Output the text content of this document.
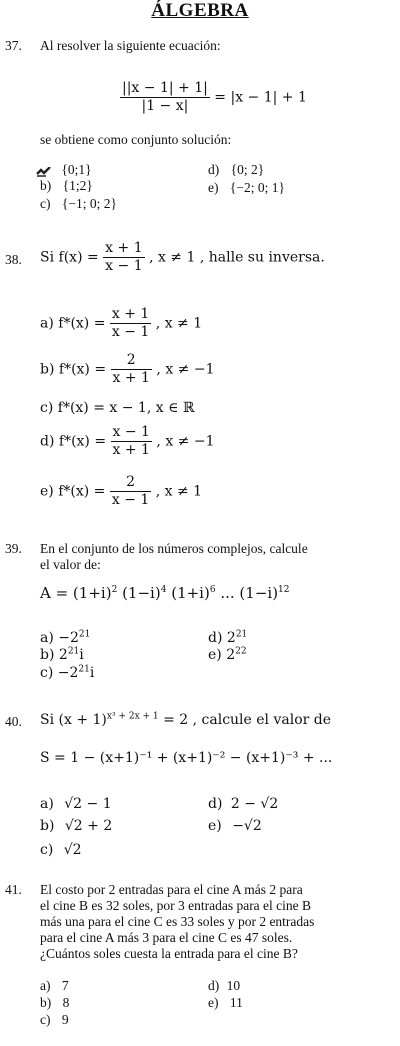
ÁLGEBRA
37. Al resolver la siguiente ecuación:
$\frac{||x - 1| + 1|}{|1 - x|} = |x - 1| + 1$
se obtiene como conjunto solución:
{0;1}
b) {1;2}
c) {−1; 0; 2}
d) {0; 2}
e) {−2; 0; 1}
38. Si $f(x) = \frac{x + 1}{x - 1}$ , x ≠ 1 , halle su inversa.
a) $f*(x) = \frac{x + 1}{x - 1}$ , x ≠ 1
b) $f*(x) = \frac{2}{x + 1}$ , x ≠ −1
c) f*(x) = x − 1, x ∈ ℝ
d) $f*(x) = \frac{x - 1}{x + 1}$ , x ≠ −1
e) $f*(x) = \frac{2}{x - 1}$ , x ≠ 1
39. En el conjunto de los números complejos, calcule
el valor de:
$A = (1+i)^2$ $(1-i)^4$ $(1+i)^6$ ... $(1-i)^{12}$
$a) -2^{21}$
b) $2^{21}i$
$c) -2^{21}i$
d) $2^{21}$
e) $2^{22}$
40. Si $(x + 1)^{x^3 + 2x + 1} = 2$ , calcule el valor de
S = 1 − (x+1)⁻¹ + (x+1)⁻² − (x+1)⁻³ + ...
a) √2 − 1
b) √2 + 2
c) √2
d) 2 − √2
e) −√2
41. El costo por 2 entradas para el cine A más 2 para
el cine B es 32 soles, por 3 entradas para el cine B
más una para el cine C es 33 soles y por 2 entradas
para el cine A más 3 para el cine C es 47 soles.
¿Cuántos soles cuesta la entrada para el cine B?
a) 7
b) 8
c) 9
d) 10
e) 11
